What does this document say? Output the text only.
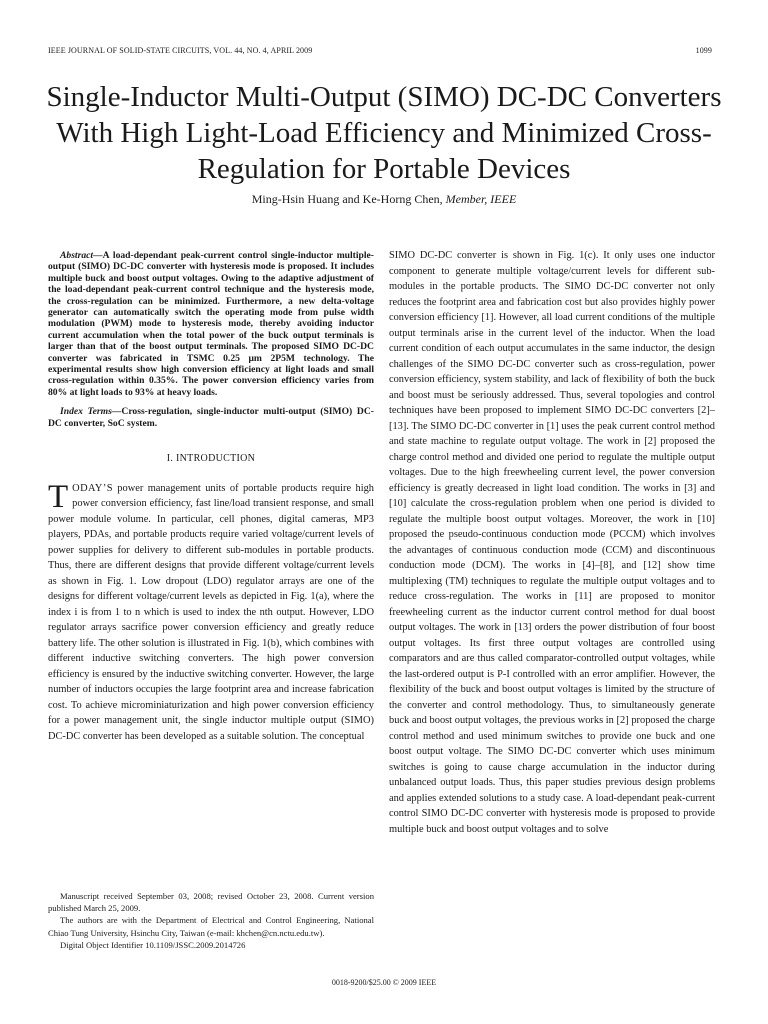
IEEE JOURNAL OF SOLID-STATE CIRCUITS, VOL. 44, NO. 4, APRIL 2009	1099
Single-Inductor Multi-Output (SIMO) DC-DC Converters With High Light-Load Efficiency and Minimized Cross-Regulation for Portable Devices
Ming-Hsin Huang and Ke-Horng Chen, Member, IEEE

Abstract—A load-dependant peak-current control single-inductor multiple-output (SIMO) DC-DC converter with hysteresis mode is proposed. It includes multiple buck and boost output voltages. Owing to the adaptive adjustment of the load-dependant peak-current control technique and the hysteresis mode, the cross-regulation can be minimized. Furthermore, a new delta-voltage generator can automatically switch the operating mode from pulse width modulation (PWM) mode to hysteresis mode, thereby avoiding inductor current accumulation when the total power of the buck output terminals is larger than that of the boost output terminals. The proposed SIMO DC-DC converter was fabricated in TSMC 0.25 μm 2P5M technology. The experimental results show high conversion efficiency at light loads and small cross-regulation within 0.35%. The power conversion efficiency varies from 80% at light loads to 93% at heavy loads.

Index Terms—Cross-regulation, single-inductor multi-output (SIMO) DC-DC converter, SoC system.

I. INTRODUCTION

TODAY’S power management units of portable products require high power conversion efficiency, fast line/load transient response, and small power module volume. In particular, cell phones, digital cameras, MP3 players, PDAs, and portable products require varied voltage/current levels of power supplies for delivery to different sub-modules in portable products. Thus, there are different designs that provide different voltage/current levels as shown in Fig. 1. Low dropout (LDO) regulator arrays are one of the designs for different voltage/current levels as depicted in Fig. 1(a), where the index i is from 1 to n which is used to index the nth output. However, LDO regulator arrays sacrifice power conversion efficiency and greatly reduce battery life. The other solution is illustrated in Fig. 1(b), which combines with different inductive switching converters. The high power conversion efficiency is ensured by the inductive switching converter. However, the large number of inductors occupies the large footprint area and increase fabrication cost. To achieve microminiaturization and high power conversion efficiency for a power management unit, the single inductor multiple output (SIMO) DC-DC converter has been developed as a suitable solution. The conceptual

Manuscript received September 03, 2008; revised October 23, 2008. Current version published March 25, 2009.

The authors are with the Department of Electrical and Control Engineering, National Chiao Tung University, Hsinchu City, Taiwan (e-mail: khchen@cn.nctu.edu.tw).

Digital Object Identifier 10.1109/JSSC.2009.2014726

SIMO DC-DC converter is shown in Fig. 1(c). It only uses one inductor component to generate multiple voltage/current levels for different sub-modules in the portable products. The SIMO DC-DC converter not only reduces the footprint area and fabrication cost but also provides highly power conversion efficiency [1]. However, all load current conditions of the multiple output terminals arise in the current level of the inductor. When the load current condition of each output accumulates in the same inductor, the design challenges of the SIMO DC-DC converter such as cross-regulation, power conversion efficiency, system stability, and lack of flexibility of both the buck and boost must be seriously addressed. Thus, several topologies and control techniques have been proposed to implement SIMO DC-DC converters [2]–[13]. The SIMO DC-DC converter in [1] uses the peak current control method and state machine to regulate output voltage. The work in [2] proposed the charge control method and divided one period to regulate the multiple output voltages. Due to the high freewheeling current level, the power conversion efficiency is greatly decreased in light load condition. The works in [3] and [10] calculate the cross-regulation problem when one period is divided to regulate the multiple boost output voltages. Moreover, the work in [10] proposed the pseudo-continuous conduction mode (PCCM) which involves the advantages of continuous conduction mode (CCM) and discontinuous conduction mode (DCM). The works in [4]–[8], and [12] show time multiplexing (TM) techniques to regulate the multiple output voltages and to reduce cross-regulation. The works in [11] are proposed to monitor freewheeling current as the inductor current control method for dual boost output voltages. The work in [13] orders the power distribution of four boost output voltages. Its first three output voltages are controlled using comparators and are thus called comparator-controlled output voltages, while the last-ordered output is P-I controlled with an error amplifier. However, the flexibility of the buck and boost output voltages is limited by the structure of the converter and control methodology. Thus, to simultaneously generate buck and boost output voltages, the previous works in [2] proposed the charge control method and used minimum switches to provide one buck and one boost output voltage. The SIMO DC-DC converter which uses minimum switches is going to cause charge accumulation in the inductor during unbalanced output loads. Thus, this paper studies previous design problems and applies extended solutions to a study case. A load-dependant peak-current control SIMO DC-DC converter with hysteresis mode is proposed to provide multiple buck and boost output voltages and to solve

0018-9200/$25.00 © 2009 IEEE
